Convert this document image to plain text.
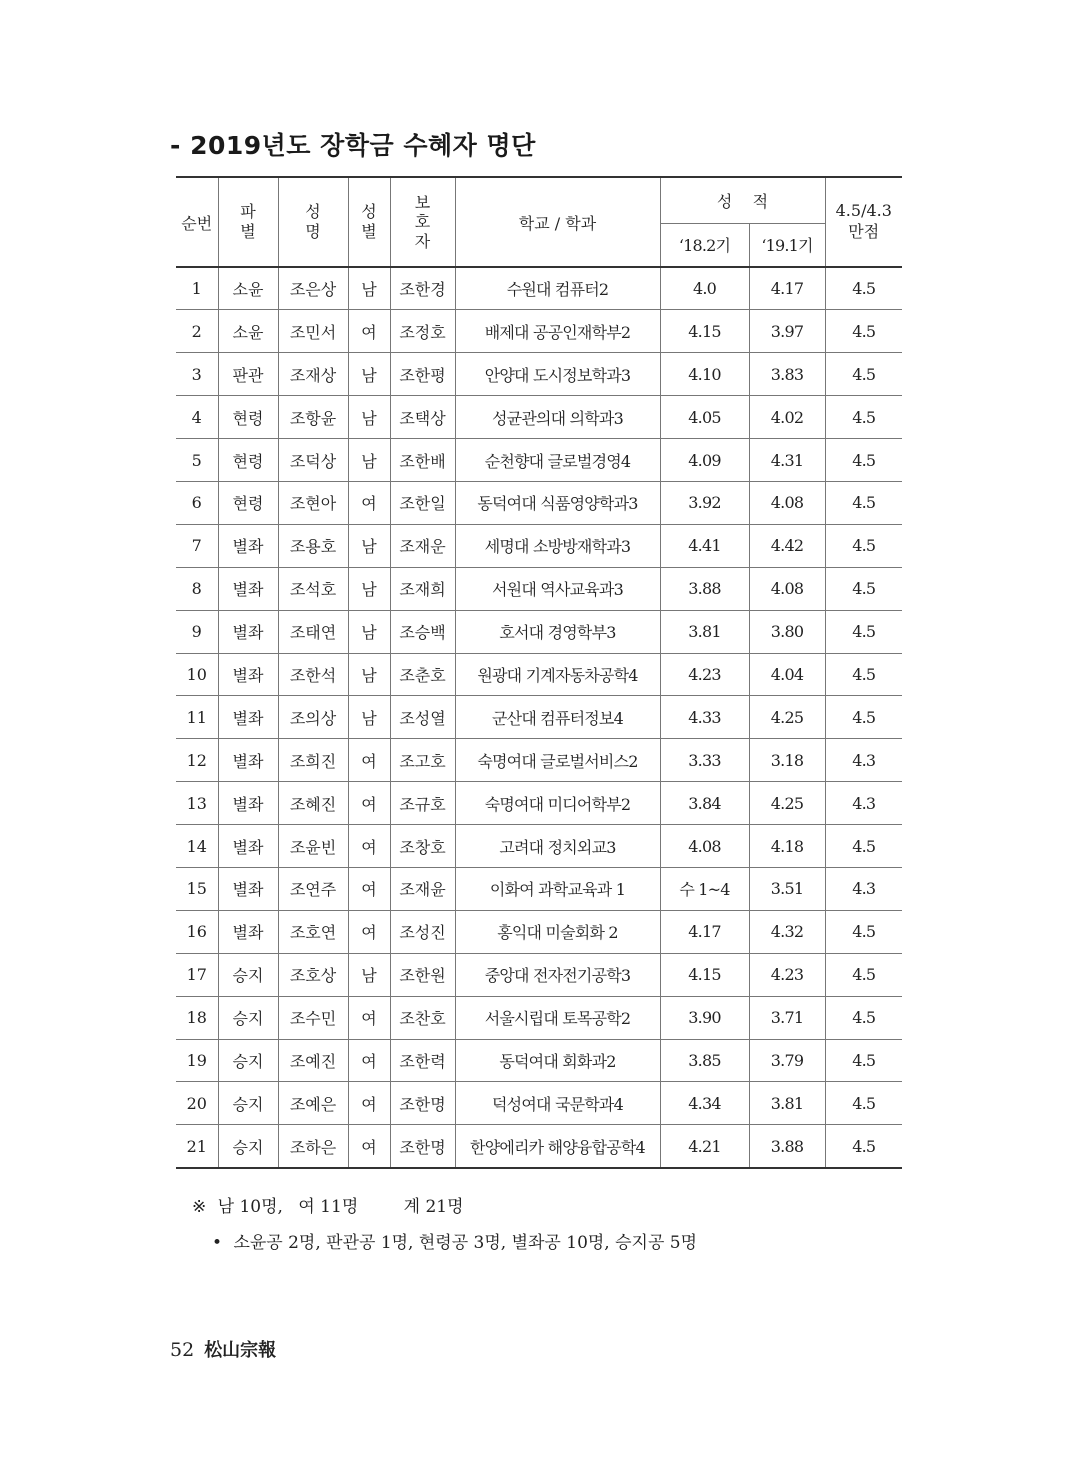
- 2019년도 장학금 수혜자 명단
순번	파별	성명	성별	보호자	학교 / 학과	성    적		4.5/4.3
만점
						‘18.2기	‘19.1기	
1	소윤	조은상	남	조한경	수원대 컴퓨터2	4.0	4.17	4.5
2	소윤	조민서	여	조정호	배제대 공공인재학부2	4.15	3.97	4.5
3	판관	조재상	남	조한평	안양대 도시정보학과3	4.10	3.83	4.5
4	현령	조항윤	남	조택상	성균관의대 의학과3	4.05	4.02	4.5
5	현령	조덕상	남	조한배	순천향대 글로벌경영4	4.09	4.31	4.5
6	현령	조현아	여	조한일	동덕여대 식품영양학과3	3.92	4.08	4.5
7	별좌	조용호	남	조재운	세명대 소방방재학과3	4.41	4.42	4.5
8	별좌	조석호	남	조재희	서원대 역사교육과3	3.88	4.08	4.5
9	별좌	조태연	남	조승백	호서대 경영학부3	3.81	3.80	4.5
10	별좌	조한석	남	조춘호	원광대 기계자동차공학4	4.23	4.04	4.5
11	별좌	조의상	남	조성열	군산대 컴퓨터정보4	4.33	4.25	4.5
12	별좌	조희진	여	조고호	숙명여대 글로벌서비스2	3.33	3.18	4.3
13	별좌	조혜진	여	조규호	숙명여대 미디어학부2	3.84	4.25	4.3
14	별좌	조윤빈	여	조창호	고려대 정치외교3	4.08	4.18	4.5
15	별좌	조연주	여	조재윤	이화여 과학교육과 1	수 1~4	3.51	4.3
16	별좌	조호연	여	조성진	홍익대 미술회화 2	4.17	4.32	4.5
17	승지	조호상	남	조한원	중앙대 전자전기공학3	4.15	4.23	4.5
18	승지	조수민	여	조찬호	서울시립대 토목공학2	3.90	3.71	4.5
19	승지	조예진	여	조한력	동덕여대 회화과2	3.85	3.79	4.5
20	승지	조예은	여	조한명	덕성여대 국문학과4	4.34	3.81	4.5
21	승지	조하은	여	조한명	한양에리카 해양융합공학4	4.21	3.88	4.5
※ 남 10명, 여 11명	계 21명
• 소윤공 2명, 판관공 1명, 현령공 3명, 별좌공 10명, 승지공 5명
52 松山宗報
